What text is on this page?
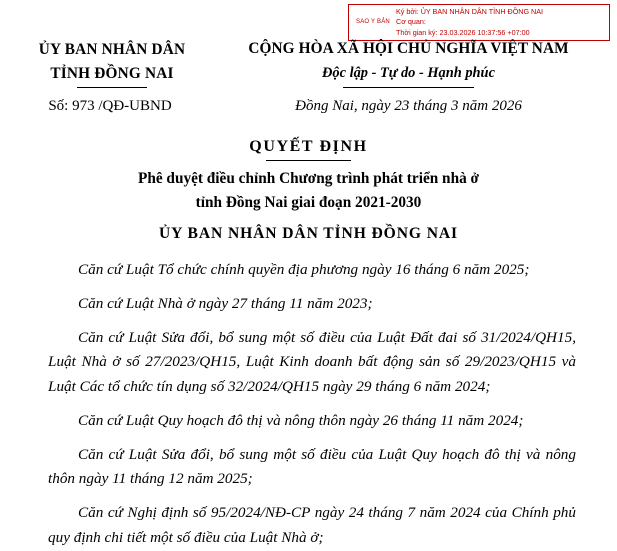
SAO Y BẢN
Ký bởi: ỦY BAN NHÂN DÂN TỈNH ĐỒNG NAI
Cơ quan:
Thời gian ký: 23.03.2026 10:37:56 +07:00
ỦY BAN NHÂN DÂN
TỈNH ĐỒNG NAI
CỘNG HÒA XÃ HỘI CHỦ NGHĨA VIỆT NAM
Độc lập - Tự do - Hạnh phúc
Số: 973 /QĐ-UBND	Đồng Nai, ngày 23 tháng 3 năm 2026
QUYẾT ĐỊNH
Phê duyệt điều chỉnh Chương trình phát triển nhà ở
tỉnh Đồng Nai giai đoạn 2021-2030
ỦY BAN NHÂN DÂN TỈNH ĐỒNG NAI

Căn cứ Luật Tổ chức chính quyền địa phương ngày 16 tháng 6 năm 2025;

Căn cứ Luật Nhà ở ngày 27 tháng 11 năm 2023;

Căn cứ Luật Sửa đổi, bổ sung một số điều của Luật Đất đai số 31/2024/QH15, Luật Nhà ở số 27/2023/QH15, Luật Kinh doanh bất động sản số 29/2023/QH15 và Luật Các tổ chức tín dụng số 32/2024/QH15 ngày 29 tháng 6 năm 2024;

Căn cứ Luật Quy hoạch đô thị và nông thôn ngày 26 tháng 11 năm 2024;

Căn cứ Luật Sửa đổi, bổ sung một số điều của Luật Quy hoạch đô thị và nông thôn ngày 11 tháng 12 năm 2025;

Căn cứ Nghị định số 95/2024/NĐ-CP ngày 24 tháng 7 năm 2024 của Chính phủ quy định chi tiết một số điều của Luật Nhà ở;
